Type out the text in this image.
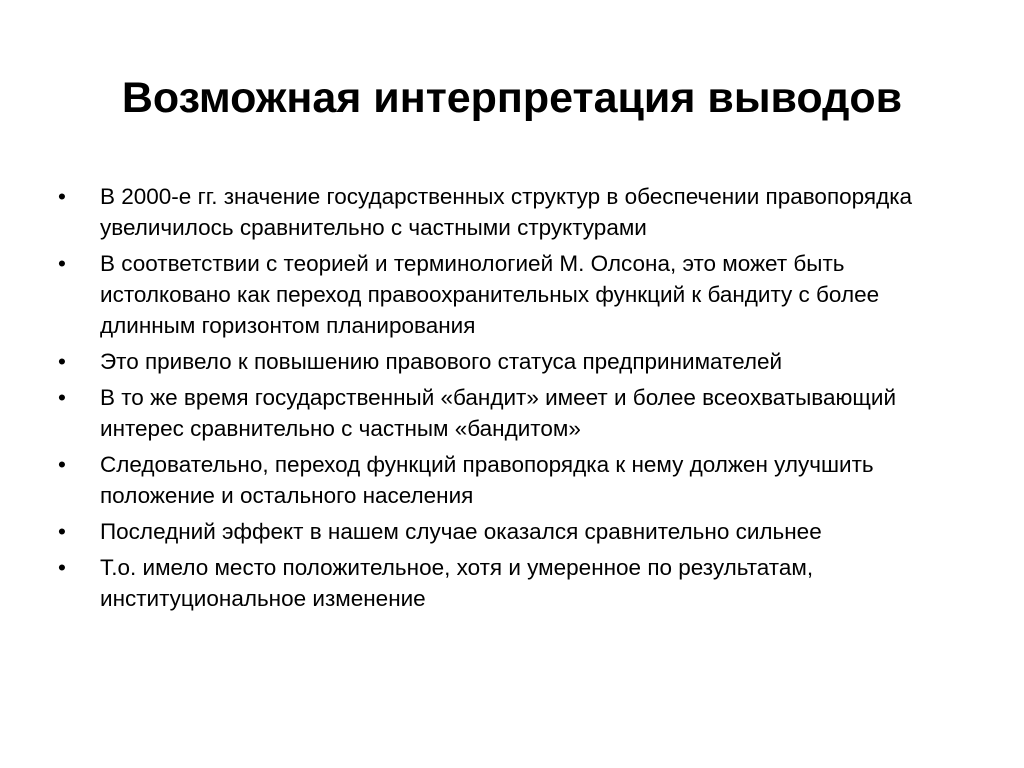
Возможная интерпретация выводов
•	В 2000-е гг. значение государственных структур в обеспечении правопорядка увеличилось сравнительно с частными структурами
•	В соответствии с теорией и терминологией М. Олсона, это может быть истолковано как переход правоохранительных функций к бандиту с более длинным горизонтом планирования
•	Это привело к повышению правового статуса предпринимателей
•	В то же время государственный «бандит» имеет и более всеохватывающий интерес сравнительно с частным «бандитом»
•	Следовательно, переход функций правопорядка к нему должен улучшить положение и остального населения
•	Последний эффект в нашем случае оказался сравнительно сильнее
•	Т.о. имело место положительное, хотя и умеренное по результатам, институциональное изменение
